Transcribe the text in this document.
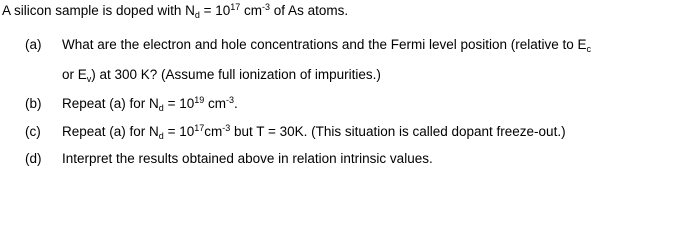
A silicon sample is doped with $N_d = 10^{17}$ $cm^{-3}$ of As atoms.
(a) What are the electron and hole concentrations and the Fermi level position (relative to $E_c$
or $E_v$) at 300 K? (Assume full ionization of impurities.)
(b) Repeat (a) for $N_d = 10^{19}$ $cm^{-3}$.
(c) Repeat (a) for $N_d = 10^{17}cm^{-3}$ but T = 30K. (This situation is called dopant freeze-out.)
(d) Interpret the results obtained above in relation intrinsic values.
